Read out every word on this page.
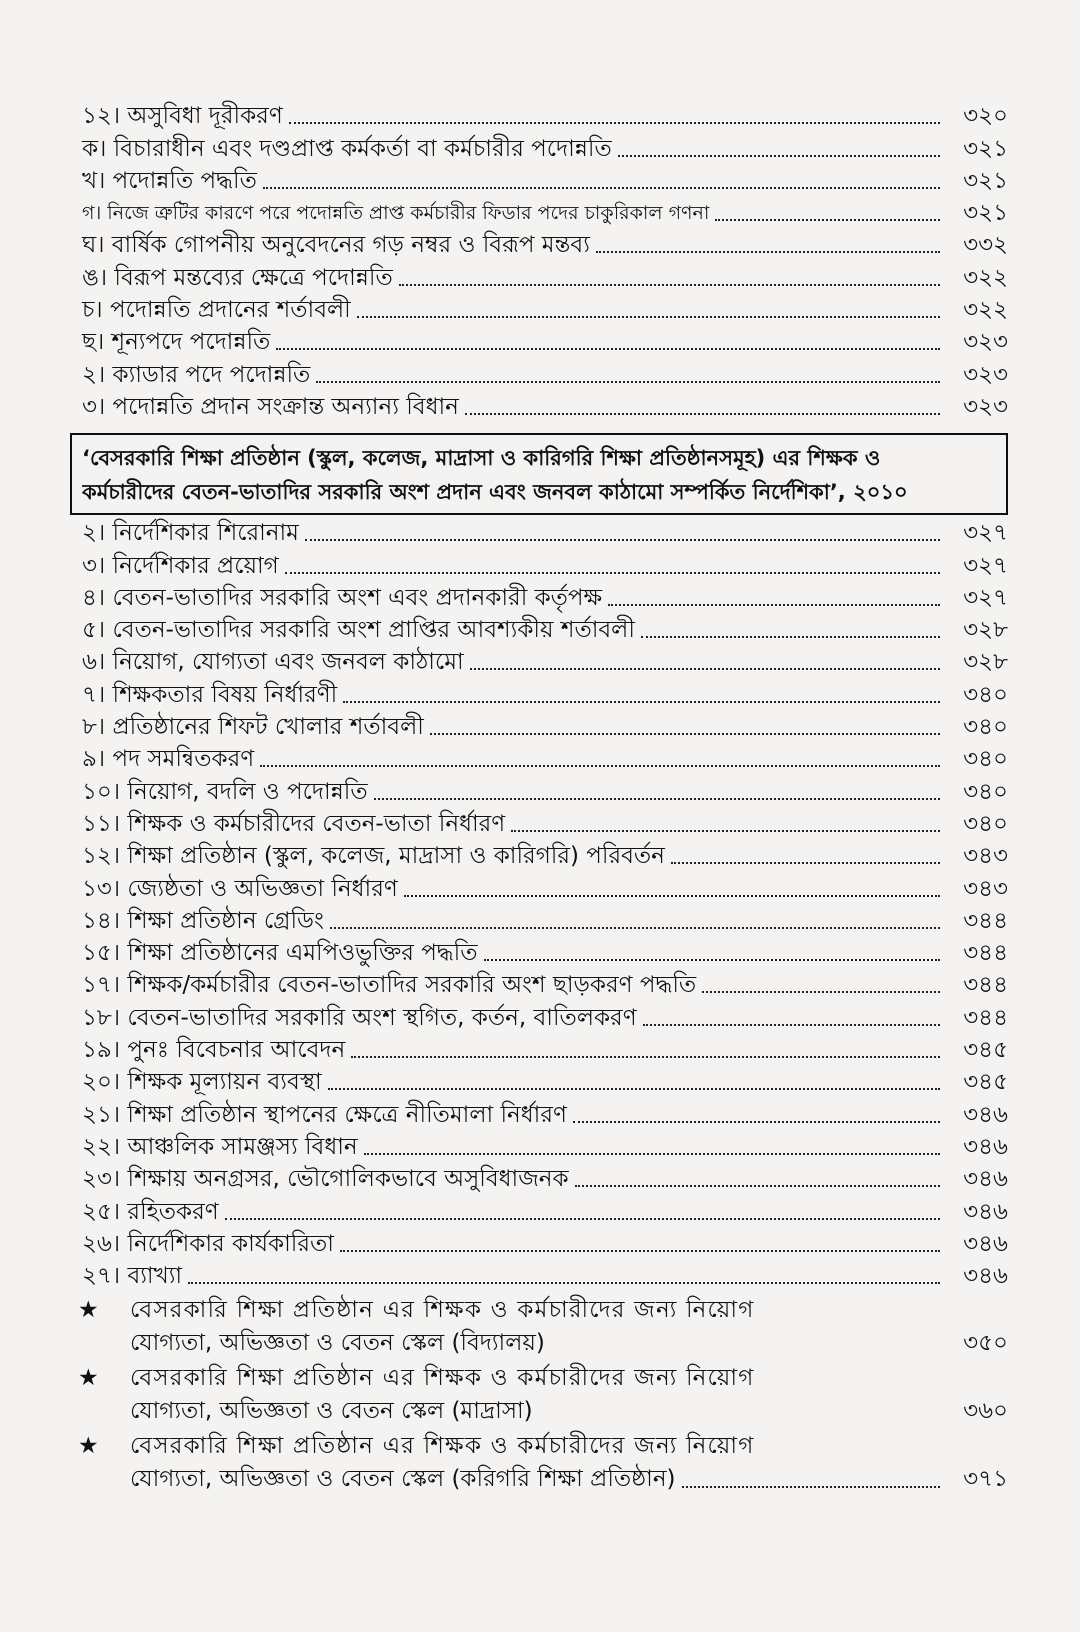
১২। অসুবিধা দূরীকরণ	৩২০
ক। বিচারাধীন এবং দণ্ডপ্রাপ্ত কর্মকর্তা বা কর্মচারীর পদোন্নতি	৩২১
খ। পদোন্নতি পদ্ধতি	৩২১
গ। নিজে ত্রুটির কারণে পরে পদোন্নতি প্রাপ্ত কর্মচারীর ফিডার পদের চাকুরিকাল গণনা	৩২১
ঘ। বার্ষিক গোপনীয় অনুবেদনের গড় নম্বর ও বিরূপ মন্তব্য	৩৩২
ঙ। বিরূপ মন্তব্যের ক্ষেত্রে পদোন্নতি	৩২২
চ। পদোন্নতি প্রদানের শর্তাবলী	৩২২
ছ। শূন্যপদে পদোন্নতি	৩২৩
২। ক্যাডার পদে পদোন্নতি	৩২৩
৩। পদোন্নতি প্রদান সংক্রান্ত অন্যান্য বিধান	৩২৩
‘বেসরকারি শিক্ষা প্রতিষ্ঠান (স্কুল, কলেজ, মাদ্রাসা ও কারিগরি শিক্ষা প্রতিষ্ঠানসমূহ) এর শিক্ষক ও
কর্মচারীদের বেতন-ভাতাদির সরকারি অংশ প্রদান এবং জনবল কাঠামো সম্পর্কিত নির্দেশিকা’, ২০১০
২। নির্দেশিকার শিরোনাম	৩২৭
৩। নির্দেশিকার প্রয়োগ	৩২৭
৪। বেতন-ভাতাদির সরকারি অংশ এবং প্রদানকারী কর্তৃপক্ষ	৩২৭
৫। বেতন-ভাতাদির সরকারি অংশ প্রাপ্তির আবশ্যকীয় শর্তাবলী	৩২৮
৬। নিয়োগ, যোগ্যতা এবং জনবল কাঠামো	৩২৮
৭। শিক্ষকতার বিষয় নির্ধারণী	৩৪০
৮। প্রতিষ্ঠানের শিফট খোলার শর্তাবলী	৩৪০
৯। পদ সমন্বিতকরণ	৩৪০
১০। নিয়োগ, বদলি ও পদোন্নতি	৩৪০
১১। শিক্ষক ও কর্মচারীদের বেতন-ভাতা নির্ধারণ	৩৪০
১২। শিক্ষা প্রতিষ্ঠান (স্কুল, কলেজ, মাদ্রাসা ও কারিগরি) পরিবর্তন	৩৪৩
১৩। জ্যেষ্ঠতা ও অভিজ্ঞতা নির্ধারণ	৩৪৩
১৪। শিক্ষা প্রতিষ্ঠান গ্রেডিং	৩৪৪
১৫। শিক্ষা প্রতিষ্ঠানের এমপিওভুক্তির পদ্ধতি	৩৪৪
১৭। শিক্ষক/কর্মচারীর বেতন-ভাতাদির সরকারি অংশ ছাড়করণ পদ্ধতি	৩৪৪
১৮। বেতন-ভাতাদির সরকারি অংশ স্থগিত, কর্তন, বাতিলকরণ	৩৪৪
১৯। পুনঃ বিবেচনার আবেদন	৩৪৫
২০। শিক্ষক মূল্যায়ন ব্যবস্থা	৩৪৫
২১। শিক্ষা প্রতিষ্ঠান স্থাপনের ক্ষেত্রে নীতিমালা নির্ধারণ	৩৪৬
২২। আঞ্চলিক সামঞ্জস্য বিধান	৩৪৬
২৩। শিক্ষায় অনগ্রসর, ভৌগোলিকভাবে অসুবিধাজনক	৩৪৬
২৫। রহিতকরণ	৩৪৬
২৬। নির্দেশিকার কার্যকারিতা	৩৪৬
২৭। ব্যাখ্যা	৩৪৬
★	বেসরকারি শিক্ষা প্রতিষ্ঠান এর শিক্ষক ও কর্মচারীদের জন্য নিয়োগ
যোগ্যতা, অভিজ্ঞতা ও বেতন স্কেল (বিদ্যালয়)	৩৫০
★	বেসরকারি শিক্ষা প্রতিষ্ঠান এর শিক্ষক ও কর্মচারীদের জন্য নিয়োগ
যোগ্যতা, অভিজ্ঞতা ও বেতন স্কেল (মাদ্রাসা)	৩৬০
★	বেসরকারি শিক্ষা প্রতিষ্ঠান এর শিক্ষক ও কর্মচারীদের জন্য নিয়োগ
যোগ্যতা, অভিজ্ঞতা ও বেতন স্কেল (করিগরি শিক্ষা প্রতিষ্ঠান)	৩৭১
